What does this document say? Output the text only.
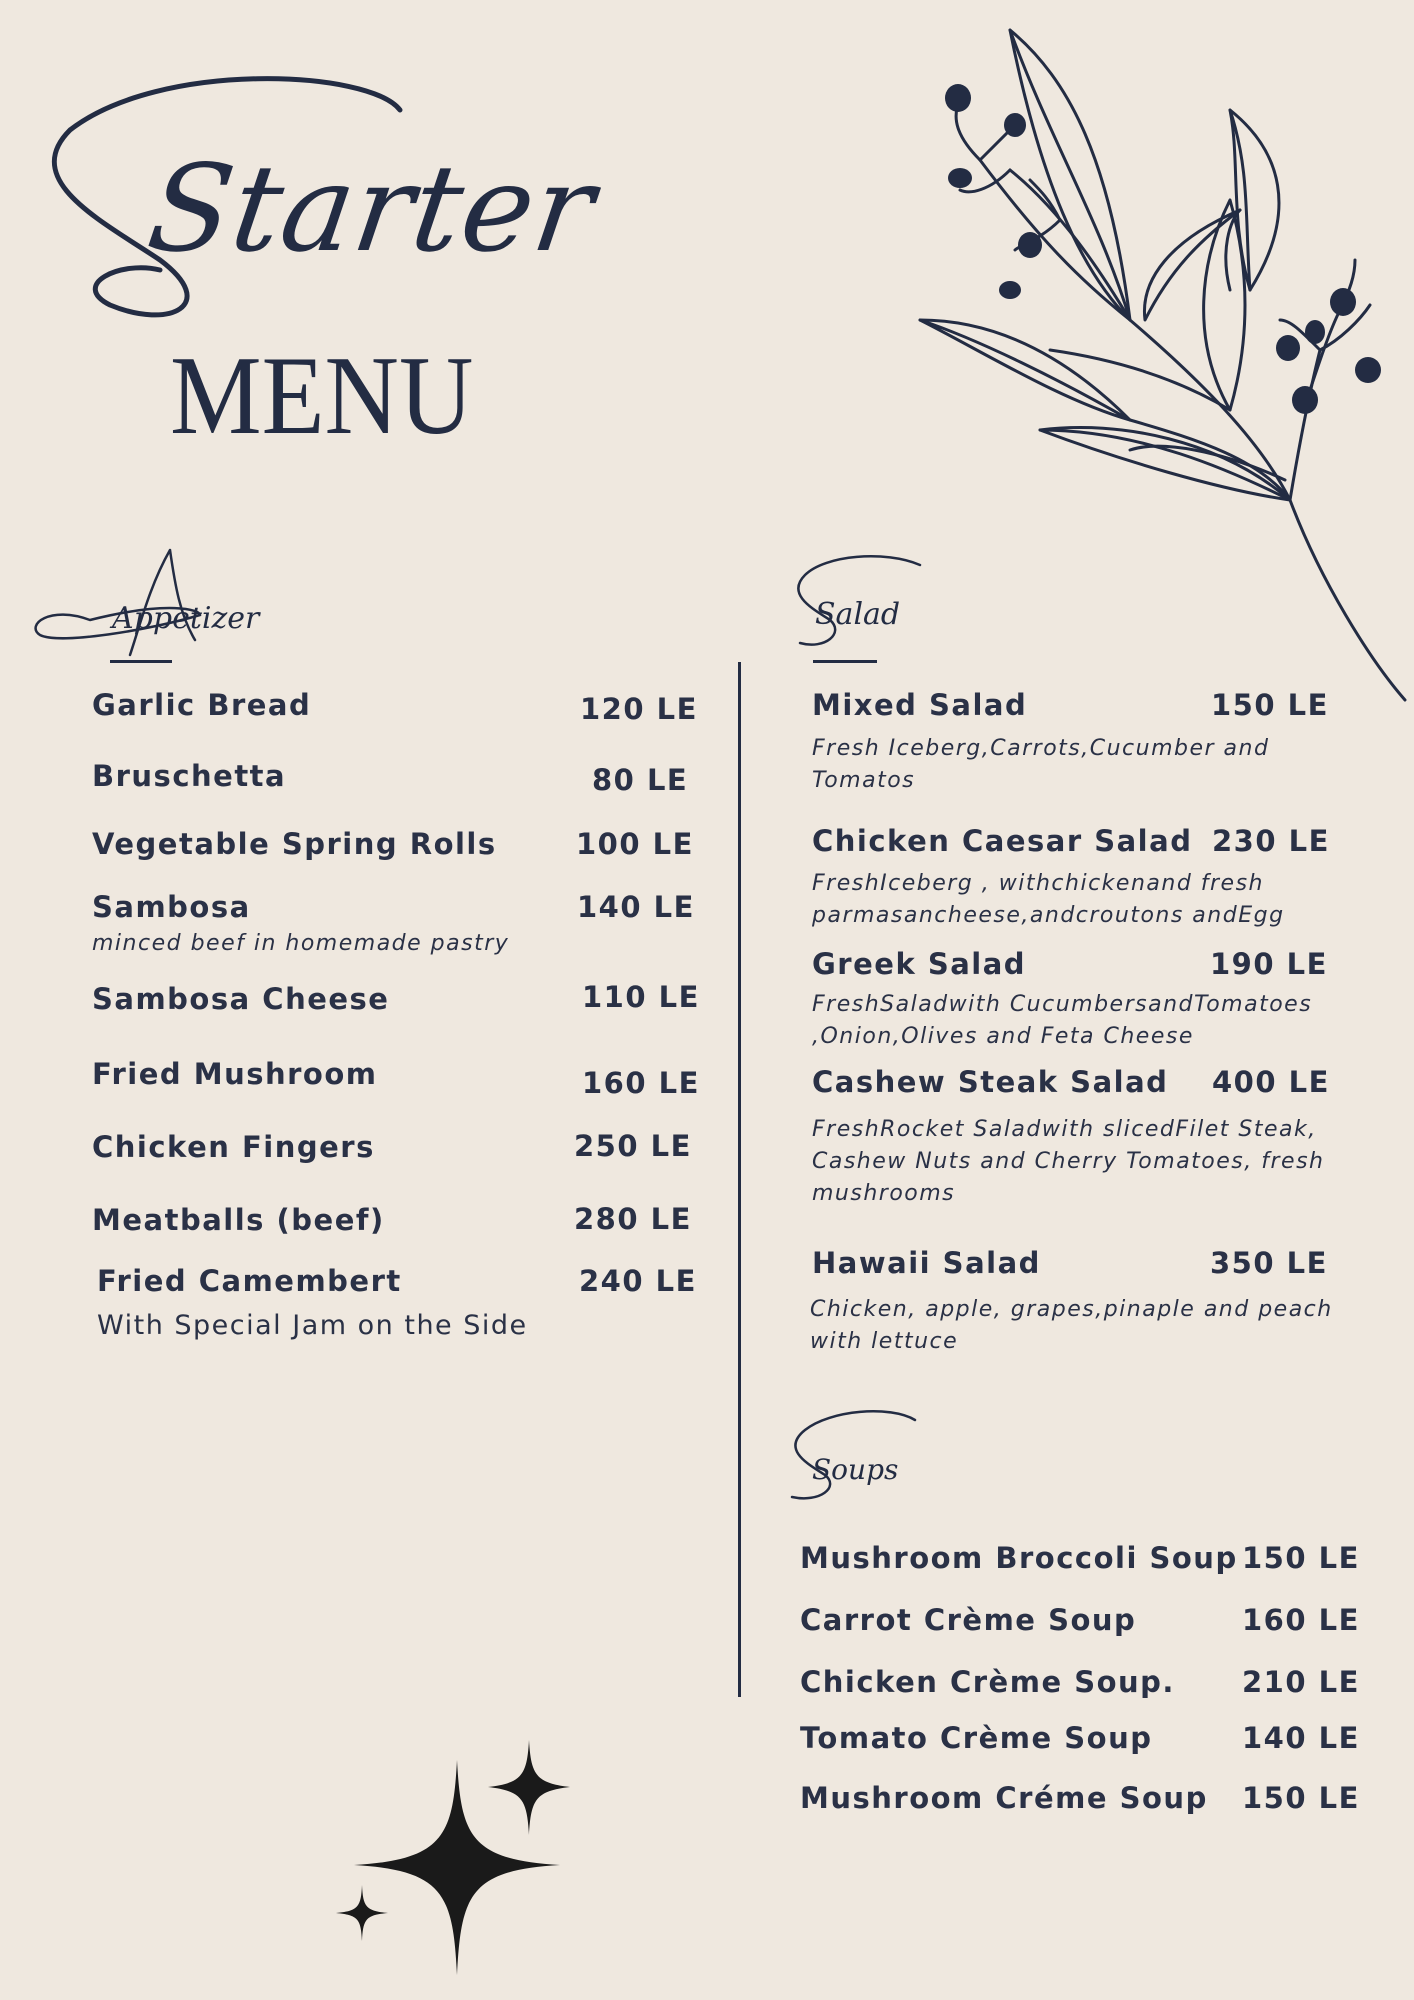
Starter
MENU
Appetizer
Garlic Bread	120 LE
Bruschetta	80 LE
Vegetable Spring Rolls	100 LE
Sambosa	140 LE
minced beef in homemade pastry
Sambosa Cheese	110 LE
Fried Mushroom	160 LE
Chicken Fingers	250 LE
Meatballs (beef)	280 LE
Fried Camembert	240 LE
With Special Jam on the Side
Salad
Mixed Salad	150 LE
Fresh Iceberg,Carrots,Cucumber and
Tomatos
Chicken Caesar Salad 230 LE
FreshIceberg , withchickenand fresh
parmasancheese,andcroutons andEgg
Greek Salad	190 LE
FreshSaladwith CucumbersandTomatoes
,Onion,Olives and Feta Cheese
Cashew Steak Salad 400 LE
FreshRocket Saladwith slicedFilet Steak,
Cashew Nuts and Cherry Tomatoes, fresh
mushrooms
Hawaii Salad	350 LE
Chicken, apple, grapes,pinaple and peach
with lettuce
Soups
Mushroom Broccoli Soup 150 LE
Carrot Crème Soup	160 LE
Chicken Crème Soup. 210 LE
Tomato Crème Soup	140 LE
Mushroom Créme Soup 150 LE
